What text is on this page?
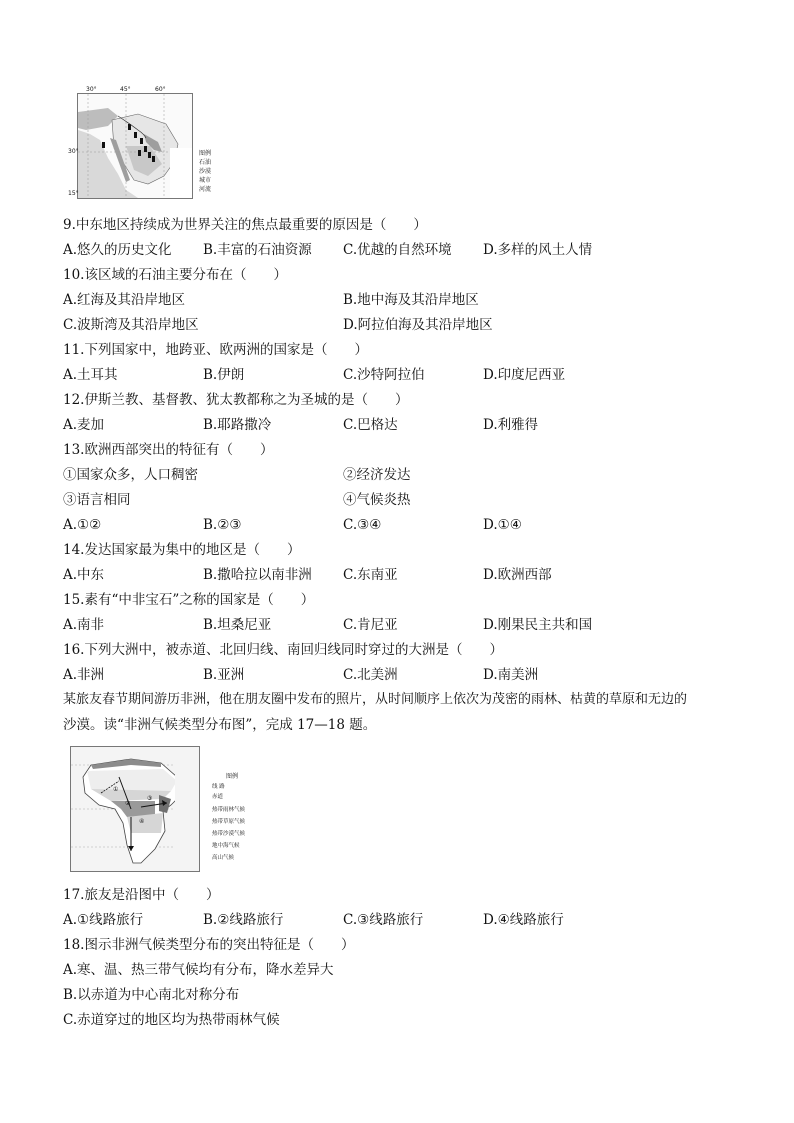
30°	45°	60°
30°
15°
图例
石油
沙漠
城市
河流
9.中东地区持续成为世界关注的焦点最重要的原因是（　　）
A.悠久的历史文化 B.丰富的石油资源 C.优越的自然环境 D.多样的风土人情
10.该区域的石油主要分布在（　　）
A.红海及其沿岸地区	B.地中海及其沿岸地区
C.波斯湾及其沿岸地区	D.阿拉伯海及其沿岸地区
11.下列国家中，地跨亚、欧两洲的国家是（　　）
A.土耳其	B.伊朗	C.沙特阿拉伯	D.印度尼西亚
12.伊斯兰教、基督教、犹太教都称之为圣城的是（　　）
A.麦加	B.耶路撒冷	C.巴格达	D.利雅得
13.欧洲西部突出的特征有（　　）
①国家众多，人口稠密	②经济发达
③语言相同	④气候炎热
A.①②	B.②③	C.③④	D.①④
14.发达国家最为集中的地区是（　　）
A.中东	B.撒哈拉以南非洲 C.东南亚	D.欧洲西部
15.素有“中非宝石”之称的国家是（　　）
A.南非	B.坦桑尼亚	C.肯尼亚	D.刚果民主共和国
16.下列大洲中，被赤道、北回归线、南回归线同时穿过的大洲是（　　）
A.非洲	B.亚洲	C.北美洲	D.南美洲
某旅友春节期间游历非洲，他在朋友圈中发布的照片，从时间顺序上依次为茂密的雨林、枯黄的草原和无边的
沙漠。读“非洲气候类型分布图”，完成 17—18 题。
①
②
③
④
图例
线 路
赤道
热带雨林气候
热带草原气候
热带沙漠气候
地中海气候
高山气候
17.旅友是沿图中（　　）
A.①线路旅行	B.②线路旅行	C.③线路旅行	D.④线路旅行
18.图示非洲气候类型分布的突出特征是（　　）
A.寒、温、热三带气候均有分布，降水差异大
B.以赤道为中心南北对称分布
C.赤道穿过的地区均为热带雨林气候
